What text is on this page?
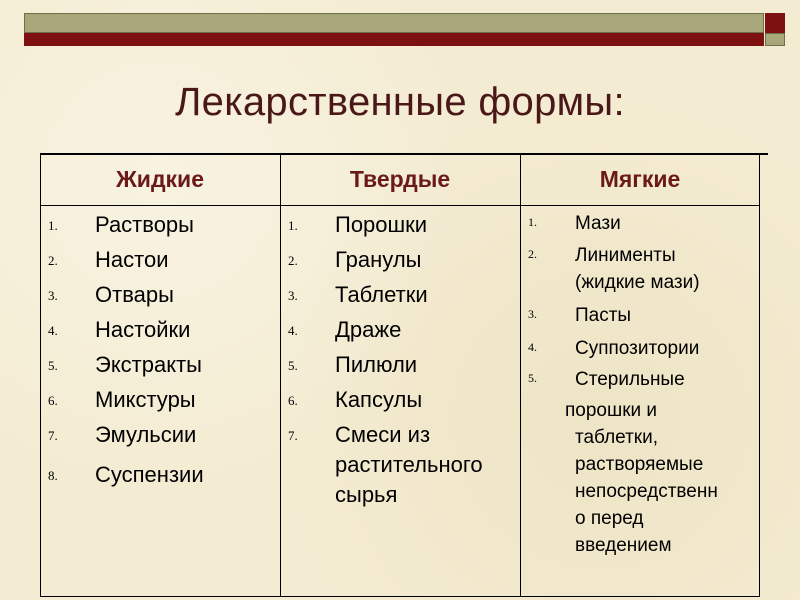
Лекарственные формы:
Жидкие	Твердые	Мягкие
1. Растворы
2. Настои
3. Отвары
4. Настойки
5. Экстракты
6. Микстуры
7. Эмульсии
8. Суспензии
1. Порошки
2. Гранулы
3. Таблетки
4. Драже
5. Пилюли
6. Капсулы
7. Смеси из
растительного
сырья
1. Мази
2. Линименты
(жидкие мази)
3. Пасты
4. Суппозитории
5. Стерильные
порошки и
таблетки,
растворяемые
непосредственн
о перед
введением
